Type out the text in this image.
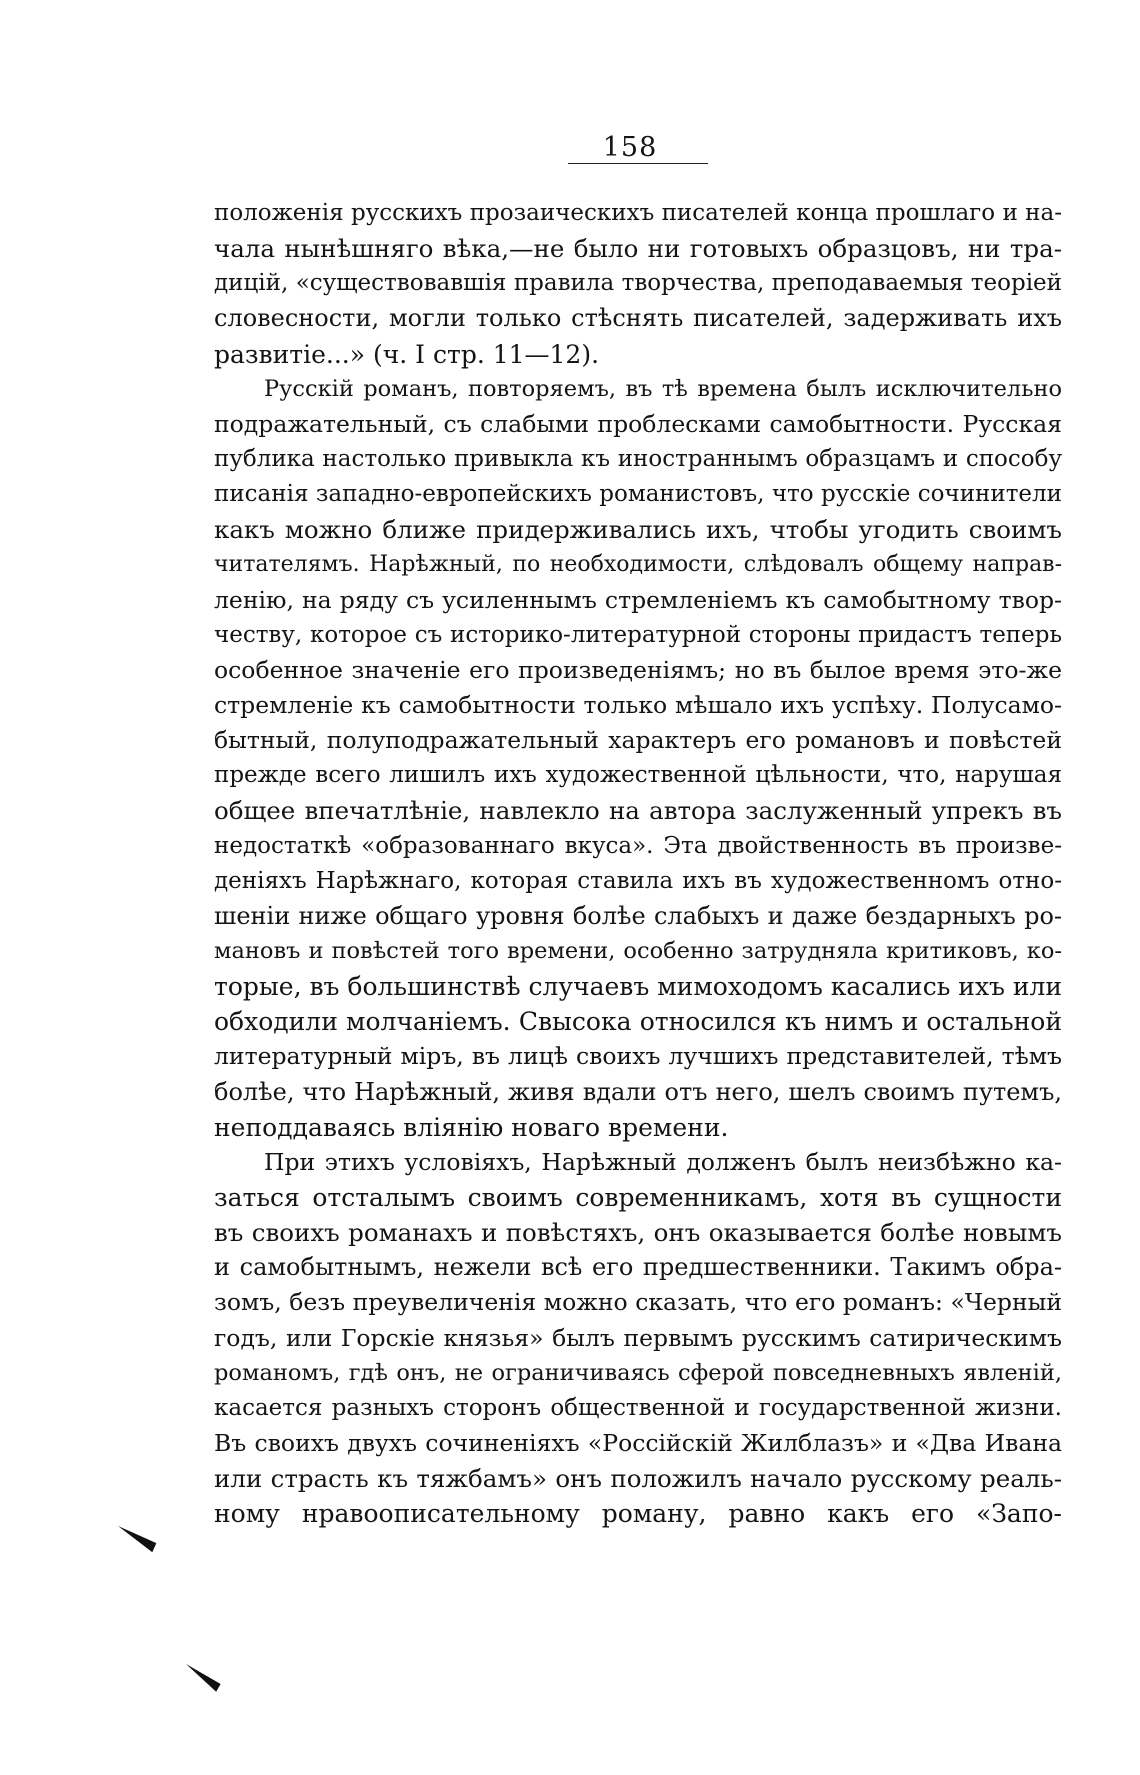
158
положенія русскихъ прозаическихъ писателей конца прошлаго и на-
чала нынѣшняго вѣка,—не было ни готовыхъ образцовъ, ни тра-
дицій, «существовавшія правила творчества, преподаваемыя теоріей
словесности, могли только стѣснять писателей, задерживать ихъ
развитіе...» (ч. I стр. 11—12).
Русскій романъ, повторяемъ, въ тѣ времена былъ исключительно
подражательный, съ слабыми проблесками самобытности. Русская
публика настолько привыкла къ иностраннымъ образцамъ и способу
писанія западно-европейскихъ романистовъ, что русскіе сочинители
какъ можно ближе придерживались ихъ, чтобы угодить своимъ
читателямъ. Нарѣжный, по необходимости, слѣдовалъ общему направ-
ленію, на ряду съ усиленнымъ стремленіемъ къ самобытному твор-
честву, которое съ историко-литературной стороны придастъ теперь
особенное значеніе его произведеніямъ; но въ былое время это-же
стремленіе къ самобытности только мѣшало ихъ успѣху. Полусамо-
бытный, полуподражательный характеръ его романовъ и повѣстей
прежде всего лишилъ ихъ художественной цѣльности, что, нарушая
общее впечатлѣніе, навлекло на автора заслуженный упрекъ въ
недостаткѣ «образованнаго вкуса». Эта двойственность въ произве-
деніяхъ Нарѣжнаго, которая ставила ихъ въ художественномъ отно-
шеніи ниже общаго уровня болѣе слабыхъ и даже бездарныхъ ро-
мановъ и повѣстей того времени, особенно затрудняла критиковъ, ко-
торые, въ большинствѣ случаевъ мимоходомъ касались ихъ или
обходили молчаніемъ. Свысока относился къ нимъ и остальной
литературный міръ, въ лицѣ своихъ лучшихъ представителей, тѣмъ
болѣе, что Нарѣжный, живя вдали отъ него, шелъ своимъ путемъ,
неподдаваясь вліянію новаго времени.
При этихъ условіяхъ, Нарѣжный долженъ былъ неизбѣжно ка-
заться отсталымъ своимъ современникамъ, хотя въ сущности
въ своихъ романахъ и повѣстяхъ, онъ оказывается болѣе новымъ
и самобытнымъ, нежели всѣ его предшественники. Такимъ обра-
зомъ, безъ преувеличенія можно сказать, что его романъ: «Черный
годъ, или Горскіе князья» былъ первымъ русскимъ сатирическимъ
романомъ, гдѣ онъ, не ограничиваясь сферой повседневныхъ явленій,
касается разныхъ сторонъ общественной и государственной жизни.
Въ своихъ двухъ сочиненіяхъ «Россійскій Жилблазъ» и «Два Ивана
или страсть къ тяжбамъ» онъ положилъ начало русскому реаль-
ному нравоописательному роману, равно какъ его «Запо-
